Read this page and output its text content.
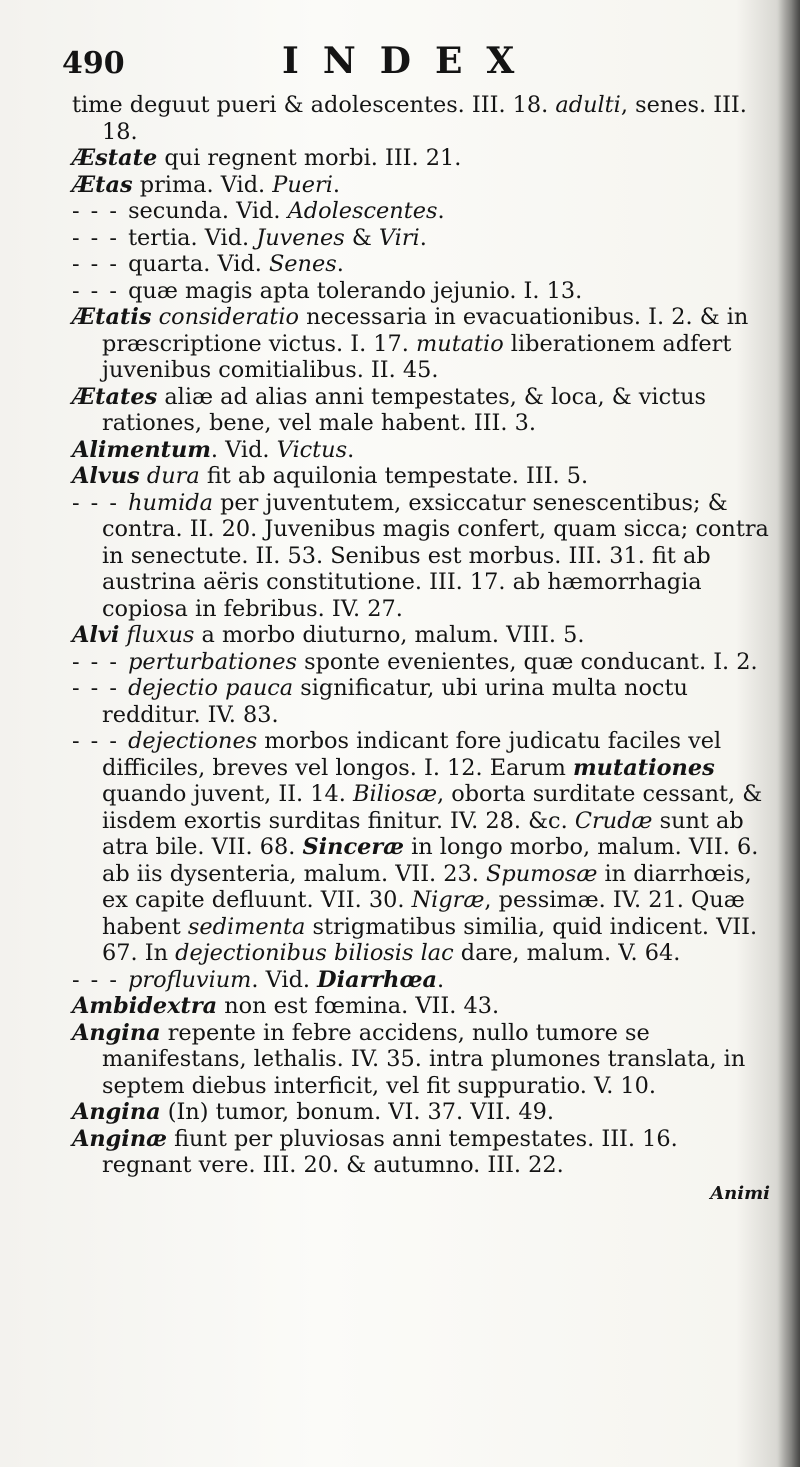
490	INDEX

time deguut pueri & adolescentes. III. 18. adulti, senes. III. 18.

Æstate qui regnent morbi. III. 21.

Ætas prima. Vid. Pueri.

- - - secunda. Vid. Adolescentes.

- - - tertia. Vid. Juvenes & Viri.

- - - quarta. Vid. Senes.

- - - quæ magis apta tolerando jejunio. I. 13.

Ætatis consideratio necessaria in evacuationibus. I. 2. & in præscriptione victus. I. 17. mutatio liberationem adfert juvenibus comitialibus. II. 45.

Ætates aliæ ad alias anni tempestates, & loca, & victus rationes, bene, vel male habent. III. 3.

Alimentum. Vid. Victus.

Alvus dura fit ab aquilonia tempestate. III. 5.

- - - humida per juventutem, exsiccatur senescentibus; & contra. II. 20. Juvenibus magis confert, quam sicca; contra in senectute. II. 53. Senibus est morbus. III. 31. fit ab austrina aëris constitutione. III. 17. ab hæmorrhagia copiosa in febribus. IV. 27.

Alvi fluxus a morbo diuturno, malum. VIII. 5.

- - - perturbationes sponte evenientes, quæ conducant. I. 2.

- - - dejectio pauca significatur, ubi urina multa noctu redditur. IV. 83.

- - - dejectiones morbos indicant fore judicatu faciles vel difficiles, breves vel longos. I. 12. Earum mutationes quando juvent, II. 14. Biliosæ, oborta surditate cessant, & iisdem exortis surditas finitur. IV. 28. &c. Crudæ sunt ab atra bile. VII. 68. Sinceræ in longo morbo, malum. VII. 6. ab iis dysenteria, malum. VII. 23. Spumosæ in diarrhœis, ex capite defluunt. VII. 30. Nigræ, pessimæ. IV. 21. Quæ habent sedimenta strigmatibus similia, quid indicent. VII. 67. In dejectionibus biliosis lac dare, malum. V. 64.

- - - profluvium. Vid. Diarrhœa.

Ambidextra non est fœmina. VII. 43.

Angina repente in febre accidens, nullo tumore se manifestans, lethalis. IV. 35. intra plumones translata, in septem diebus interficit, vel fit suppuratio. V. 10.

Angina (In) tumor, bonum. VI. 37. VII. 49.

Anginæ fiunt per pluviosas anni tempestates. III. 16. regnant vere. III. 20. & autumno. III. 22.

Animi
